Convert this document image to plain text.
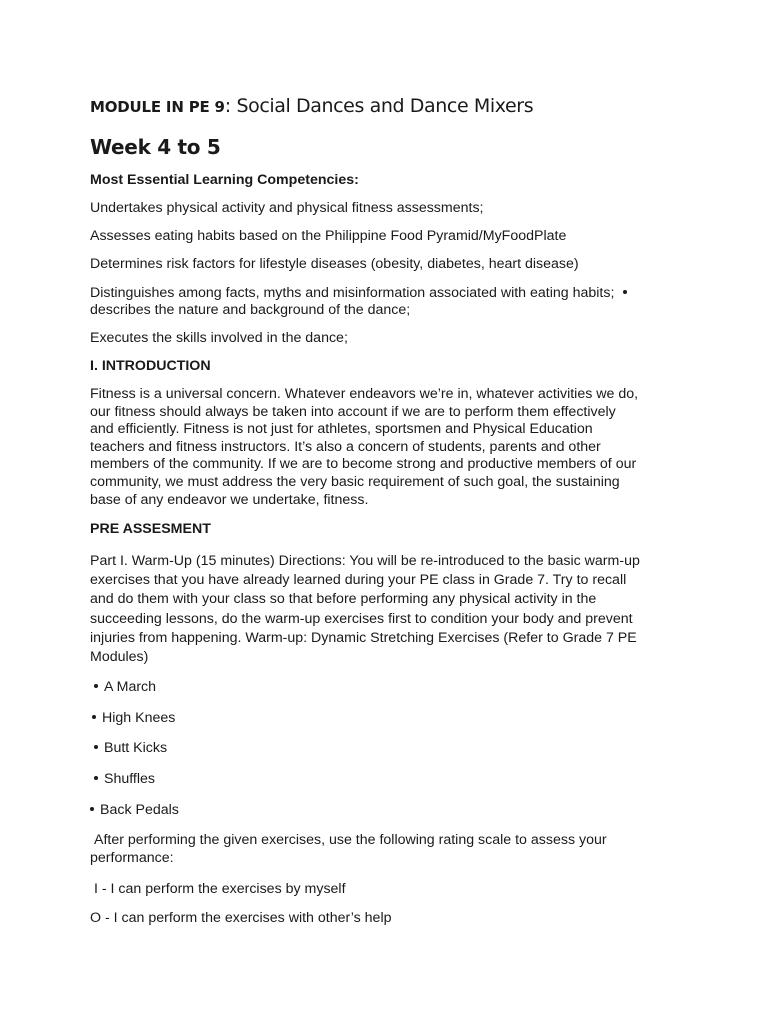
MODULE IN PE 9: Social Dances and Dance Mixers
Week 4 to 5
Most Essential Learning Competencies:
Undertakes physical activity and physical fitness assessments;
Assesses eating habits based on the Philippine Food Pyramid/MyFoodPlate
Determines risk factors for lifestyle diseases (obesity, diabetes, heart disease)
Distinguishes among facts, myths and misinformation associated with eating habits;
describes the nature and background of the dance;
Executes the skills involved in the dance;
I. INTRODUCTION
Fitness is a universal concern. Whatever endeavors we’re in, whatever activities we do,
our fitness should always be taken into account if we are to perform them effectively
and efficiently. Fitness is not just for athletes, sportsmen and Physical Education
teachers and fitness instructors. It’s also a concern of students, parents and other
members of the community. If we are to become strong and productive members of our
community, we must address the very basic requirement of such goal, the sustaining
base of any endeavor we undertake, fitness.
PRE ASSESMENT
Part I. Warm-Up (15 minutes) Directions: You will be re-introduced to the basic warm-up
exercises that you have already learned during your PE class in Grade 7. Try to recall
and do them with your class so that before performing any physical activity in the
succeeding lessons, do the warm-up exercises first to condition your body and prevent
injuries from happening. Warm-up: Dynamic Stretching Exercises (Refer to Grade 7 PE
Modules)
A March
High Knees
Butt Kicks
Shuffles
Back Pedals
After performing the given exercises, use the following rating scale to assess your
performance:
I - I can perform the exercises by myself
O - I can perform the exercises with other’s help
